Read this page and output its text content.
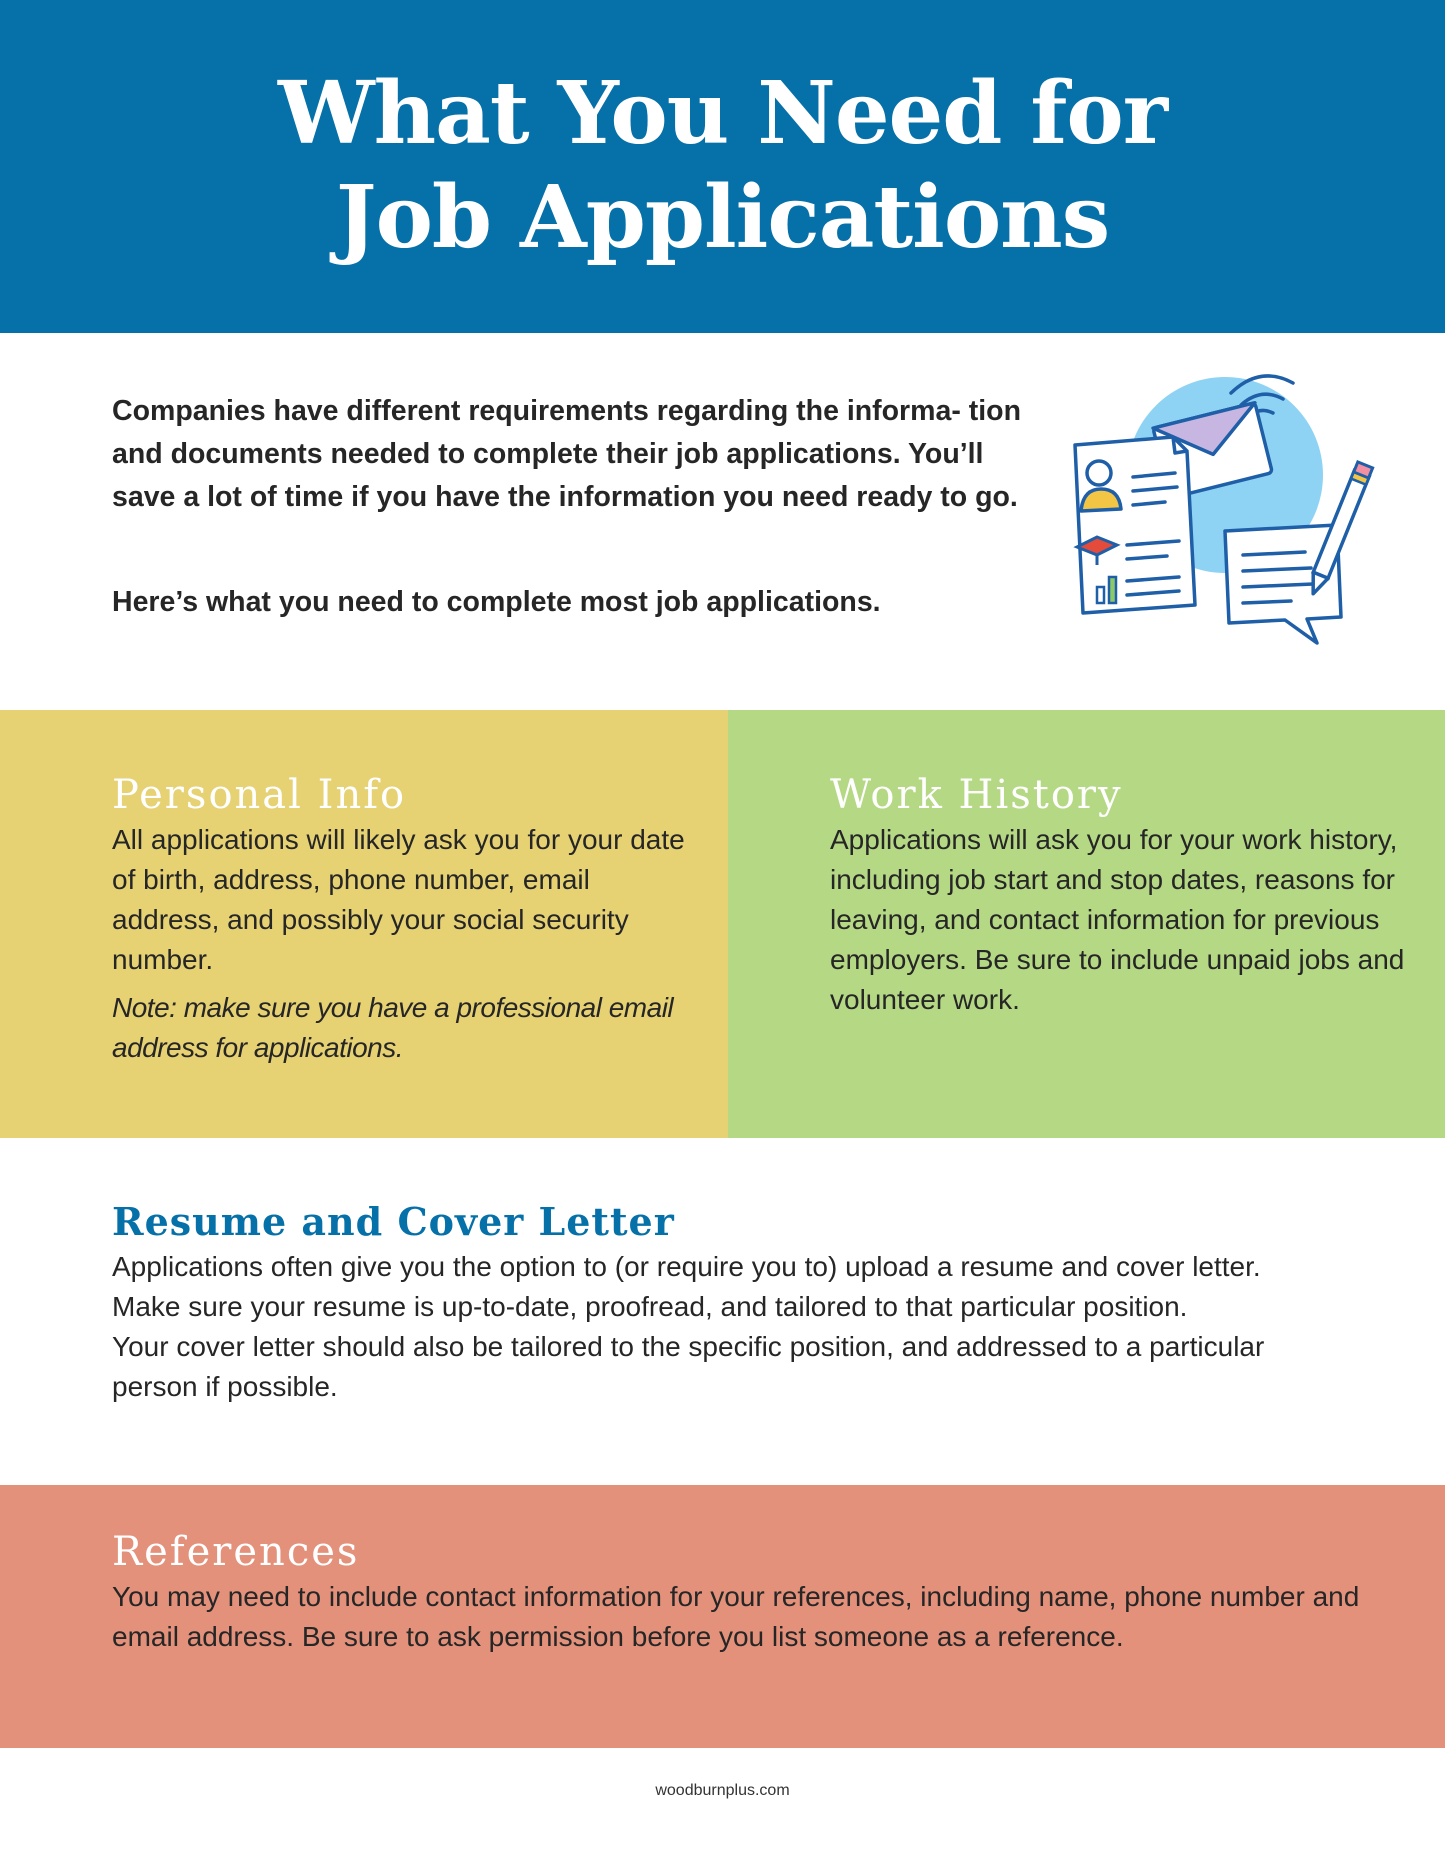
What You Need for
Job Applications

Companies have different requirements regarding the informa- tion and documents needed to complete their job applications. You’ll save a lot of time if you have the information you need ready to go.

Here’s what you need to complete most job applications.

Personal Info

All applications will likely ask you for your date of birth, address, phone number, email address, and possibly your social security number.

Note: make sure you have a professional email address for applications.

Work History

Applications will ask you for your work history, including job start and stop dates, reasons for leaving, and contact information for previous employers. Be sure to include unpaid jobs and volunteer work.

Resume and Cover Letter

Applications often give you the option to (or require you to) upload a resume and cover letter.

Make sure your resume is up-to-date, proofread, and tailored to that particular position.

Your cover letter should also be tailored to the specific position, and addressed to a particular person if possible.

References

You may need to include contact information for your references, including name, phone number and email address. Be sure to ask permission before you list someone as a reference.

woodburnplus.com
